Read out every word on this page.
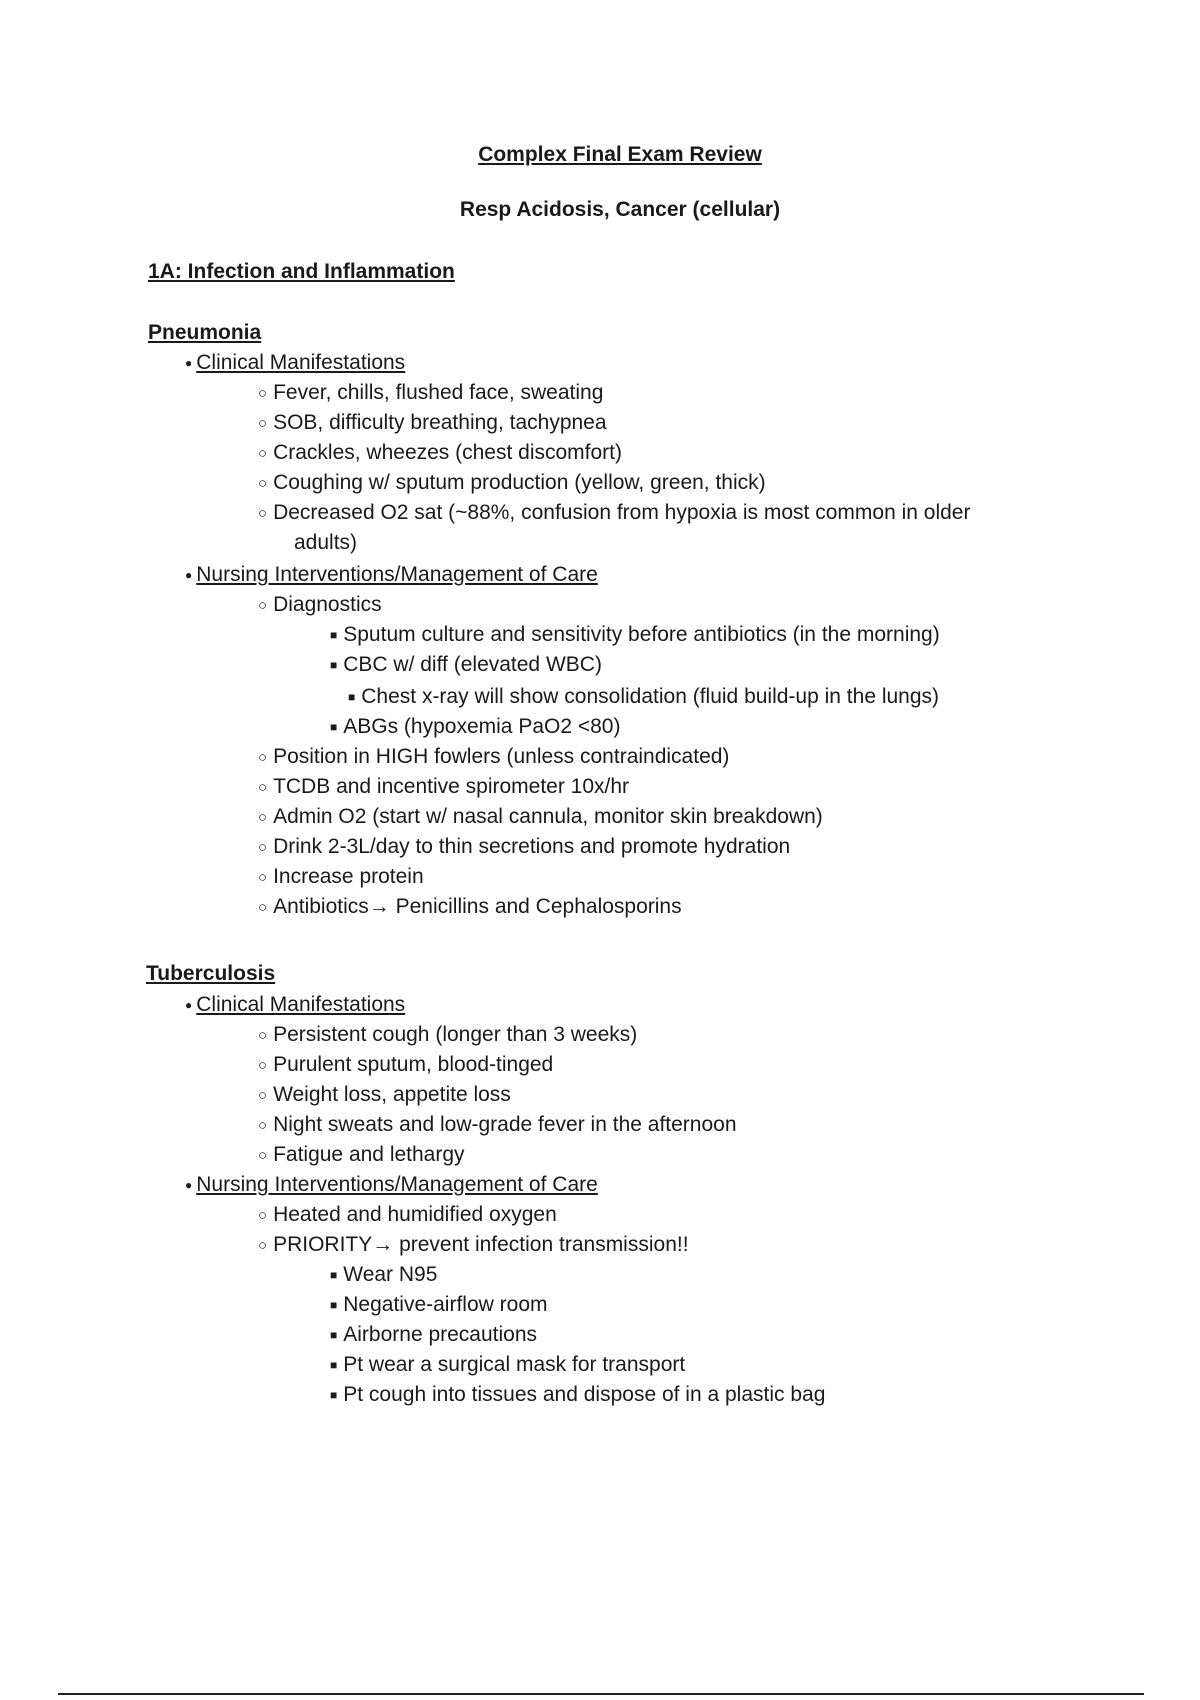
Complex Final Exam Review
Resp Acidosis, Cancer (cellular)
1A: Infection and Inflammation
Pneumonia
● Clinical Manifestations
○ Fever, chills, flushed face, sweating
○ SOB, difficulty breathing, tachypnea
○ Crackles, wheezes (chest discomfort)
○ Coughing w/ sputum production (yellow, green, thick)
○ Decreased O2 sat (~88%, confusion from hypoxia is most common in older
adults)
● Nursing Interventions/Management of Care
○ Diagnostics
■ Sputum culture and sensitivity before antibiotics (in the morning)
■ CBC w/ diff (elevated WBC)
■ Chest x-ray will show consolidation (fluid build-up in the lungs)
■ ABGs (hypoxemia PaO2 <80)
○ Position in HIGH fowlers (unless contraindicated)
○ TCDB and incentive spirometer 10x/hr
○ Admin O2 (start w/ nasal cannula, monitor skin breakdown)
○ Drink 2-3L/day to thin secretions and promote hydration
○ Increase protein
○ Antibiotics→ Penicillins and Cephalosporins
Tuberculosis
● Clinical Manifestations
○ Persistent cough (longer than 3 weeks)
○ Purulent sputum, blood-tinged
○ Weight loss, appetite loss
○ Night sweats and low-grade fever in the afternoon
○ Fatigue and lethargy
● Nursing Interventions/Management of Care
○ Heated and humidified oxygen
○ PRIORITY→ prevent infection transmission!!
■ Wear N95
■ Negative-airflow room
■ Airborne precautions
■ Pt wear a surgical mask for transport
■ Pt cough into tissues and dispose of in a plastic bag
